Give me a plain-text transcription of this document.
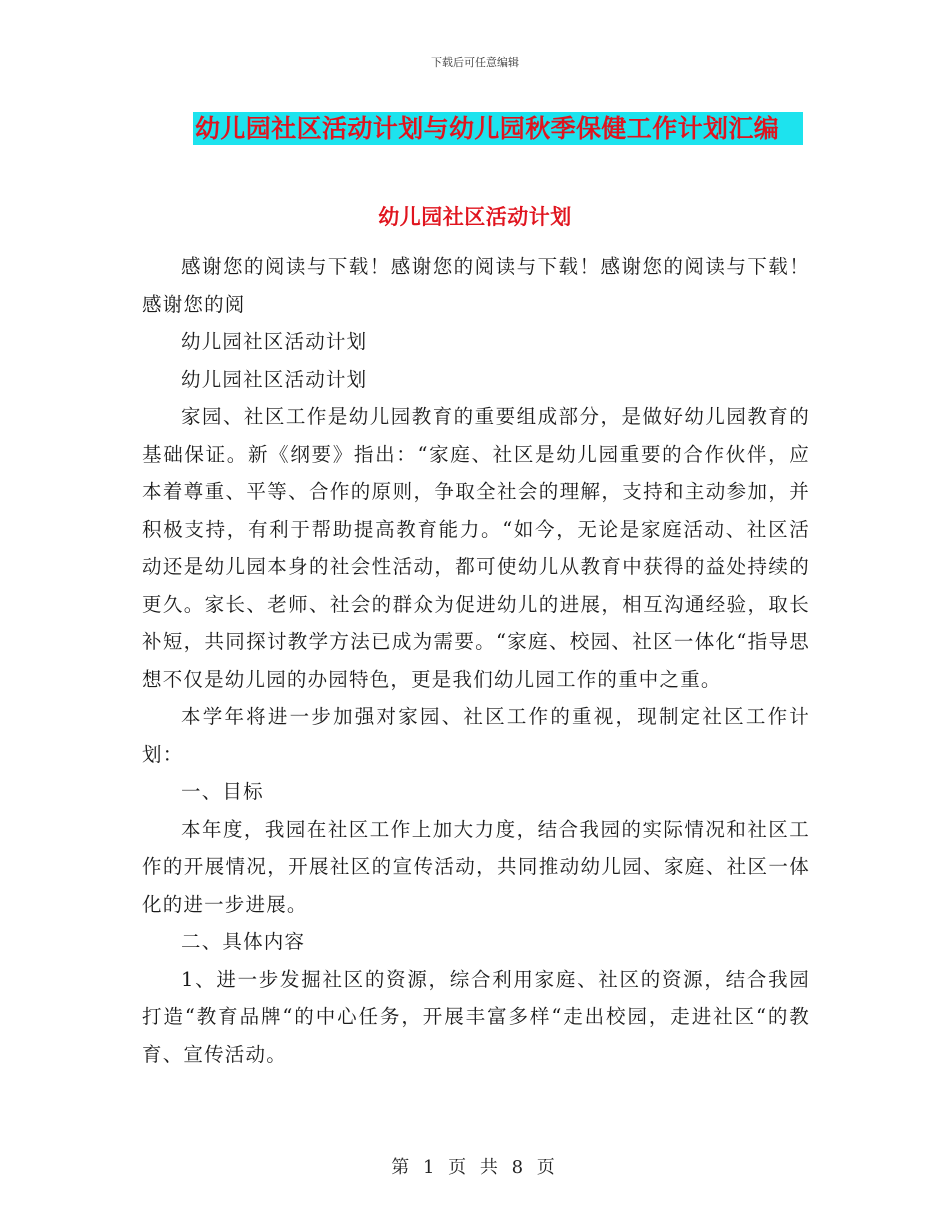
下载后可任意编辑
幼儿园社区活动计划与幼儿园秋季保健工作计划汇编
幼儿园社区活动计划

感谢您的阅读与下载！感谢您的阅读与下载！感谢您的阅读与下载！感谢您的阅

幼儿园社区活动计划

幼儿园社区活动计划

家园、社区工作是幼儿园教育的重要组成部分，是做好幼儿园教育的基础保证。新《纲要》指出：“家庭、社区是幼儿园重要的合作伙伴，应本着尊重、平等、合作的原则，争取全社会的理解，支持和主动参加，并积极支持，有利于帮助提高教育能力。“如今，无论是家庭活动、社区活动还是幼儿园本身的社会性活动，都可使幼儿从教育中获得的益处持续的更久。家长、老师、社会的群众为促进幼儿的进展，相互沟通经验，取长补短，共同探讨教学方法已成为需要。“家庭、校园、社区一体化“指导思想不仅是幼儿园的办园特色，更是我们幼儿园工作的重中之重。

本学年将进一步加强对家园、社区工作的重视，现制定社区工作计划：

一、目标

本年度，我园在社区工作上加大力度，结合我园的实际情况和社区工作的开展情况，开展社区的宣传活动，共同推动幼儿园、家庭、社区一体化的进一步进展。

二、具体内容

1、进一步发掘社区的资源，综合利用家庭、社区的资源，结合我园打造“教育品牌“的中心任务，开展丰富多样“走出校园，走进社区“的教育、宣传活动。

第 1 页 共 8 页
